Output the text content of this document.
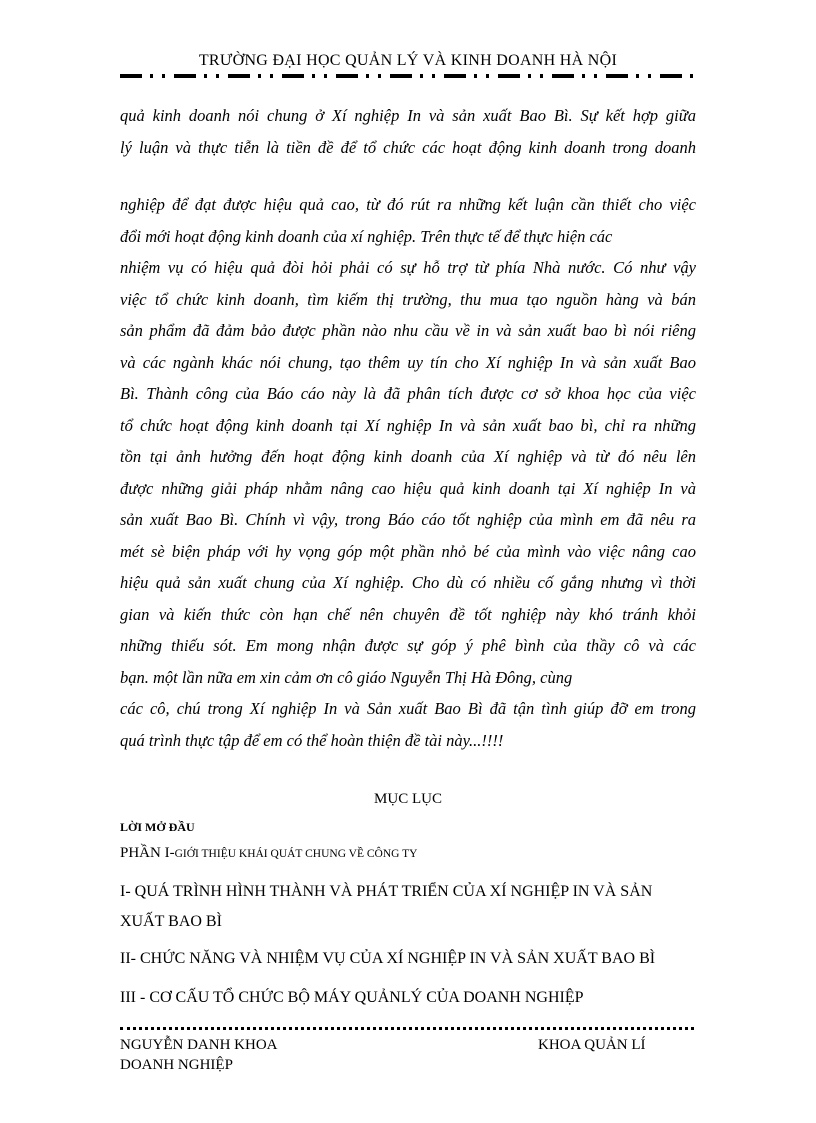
TRƯỜNG ĐẠI HỌC QUẢN LÝ VÀ KINH DOANH HÀ NỘI
quả kinh doanh nói chung ở Xí nghiệp In và sản xuất Bao Bì. Sự kết hợp giữa
lý luận và thực tiễn là tiền đề để tổ chức các hoạt động kinh doanh trong doanh
nghiệp để đạt được hiệu quả cao, từ đó rút ra những kết luận cần thiết cho việc
đổi mới hoạt động kinh doanh của xí nghiệp. Trên thực tế để thực hiện các
nhiệm vụ có hiệu quả đòi hỏi phải có sự hỗ trợ từ phía Nhà nước. Có như vậy
việc tổ chức kinh doanh, tìm kiếm thị trường, thu mua tạo nguồn hàng và bán
sản phẩm đã đảm bảo được phần nào nhu cầu về in và sản xuất bao bì nói riêng
và các ngành khác nói chung, tạo thêm uy tín cho Xí nghiệp In và sản xuất Bao
Bì. Thành công của Báo cáo này là đã phân tích được cơ sở khoa học của việc
tổ chức hoạt động kinh doanh tại Xí nghiệp In và sản xuất bao bì, chỉ ra những
tồn tại ảnh hưởng đến hoạt động kinh doanh của Xí nghiệp và từ đó nêu lên
được những giải pháp nhằm nâng cao hiệu quả kinh doanh tại Xí nghiệp In và
sản xuất Bao Bì. Chính vì vậy, trong Báo cáo tốt nghiệp của mình em đã nêu ra
mét sè biện pháp với hy vọng góp một phần nhỏ bé của mình vào việc nâng cao
hiệu quả sản xuất chung của Xí nghiệp. Cho dù có nhiều cố gắng nhưng vì thời
gian và kiến thức còn hạn chế nên chuyên đề tốt nghiệp này khó tránh khỏi
những thiếu sót. Em mong nhận được sự góp ý phê bình của thầy cô và các
bạn. một lần nữa em xin cảm ơn cô giáo Nguyễn Thị Hà Đông, cùng
các cô, chú trong Xí nghiệp In và Sản xuất Bao Bì đã tận tình giúp đỡ em trong
quá trình thực tập để em có thể hoàn thiện đề tài này...!!!!
MỤC LỤC
LỜI MỞ ĐẦU
PHẦN I-GIỚI THIỆU KHÁI QUÁT CHUNG VỀ CÔNG TY
I- QUÁ TRÌNH HÌNH THÀNH VÀ PHÁT TRIỂN CỦA XÍ NGHIỆP IN VÀ SẢN
XUẤT BAO BÌ
II- CHỨC NĂNG VÀ NHIỆM VỤ CỦA XÍ NGHIỆP IN VÀ SẢN XUẤT BAO BÌ
III - CƠ CẤU TỔ CHỨC BỘ MÁY QUẢNLÝ CỦA DOANH NGHIỆP
NGUYỄN DANH KHOA
DOANH NGHIỆP
KHOA QUẢN LÍ
